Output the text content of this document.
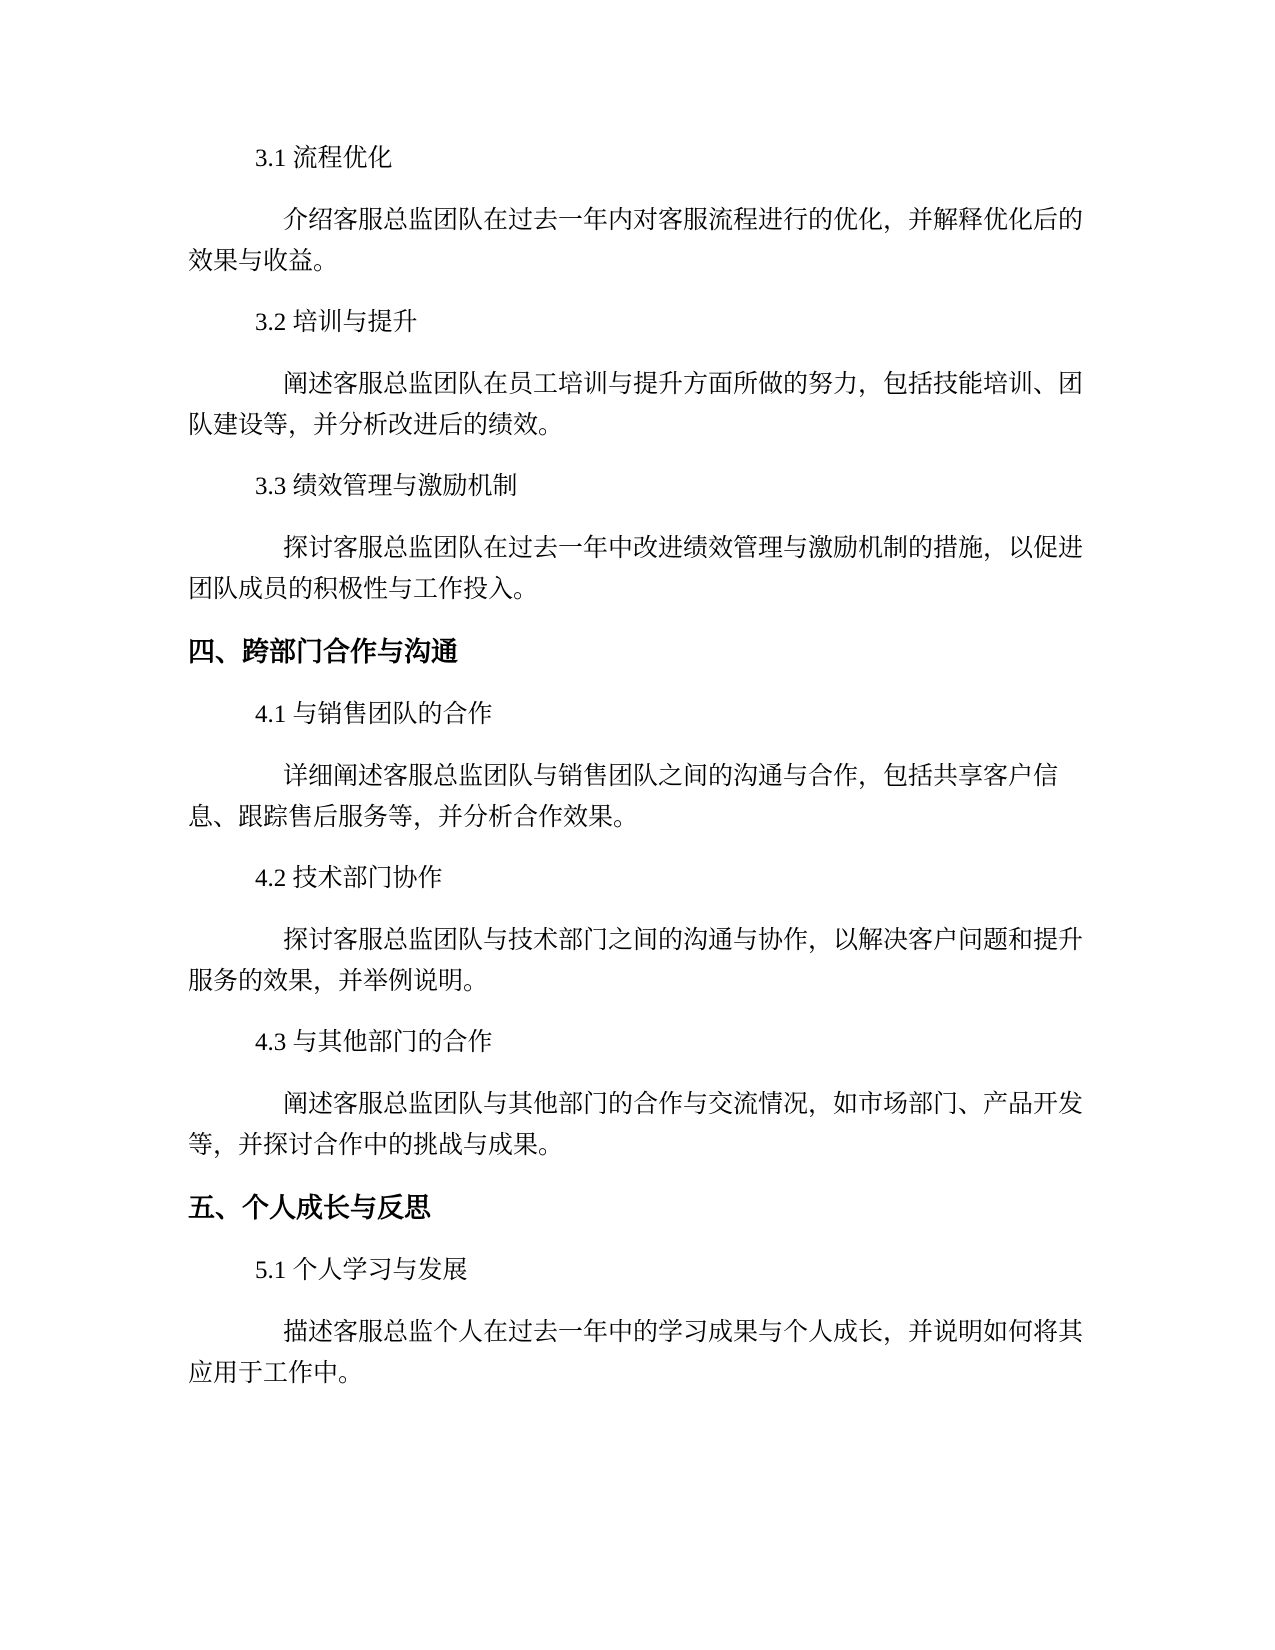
3.1 流程优化

介绍客服总监团队在过去一年内对客服流程进行的优化，并解释优化后的

效果与收益。

3.2 培训与提升

阐述客服总监团队在员工培训与提升方面所做的努力，包括技能培训、团

队建设等，并分析改进后的绩效。

3.3 绩效管理与激励机制

探讨客服总监团队在过去一年中改进绩效管理与激励机制的措施，以促进

团队成员的积极性与工作投入。

四、跨部门合作与沟通

4.1 与销售团队的合作

详细阐述客服总监团队与销售团队之间的沟通与合作，包括共享客户信

息、跟踪售后服务等，并分析合作效果。

4.2 技术部门协作

探讨客服总监团队与技术部门之间的沟通与协作，以解决客户问题和提升

服务的效果，并举例说明。

4.3 与其他部门的合作

阐述客服总监团队与其他部门的合作与交流情况，如市场部门、产品开发

等，并探讨合作中的挑战与成果。

五、个人成长与反思

5.1 个人学习与发展

描述客服总监个人在过去一年中的学习成果与个人成长，并说明如何将其

应用于工作中。
